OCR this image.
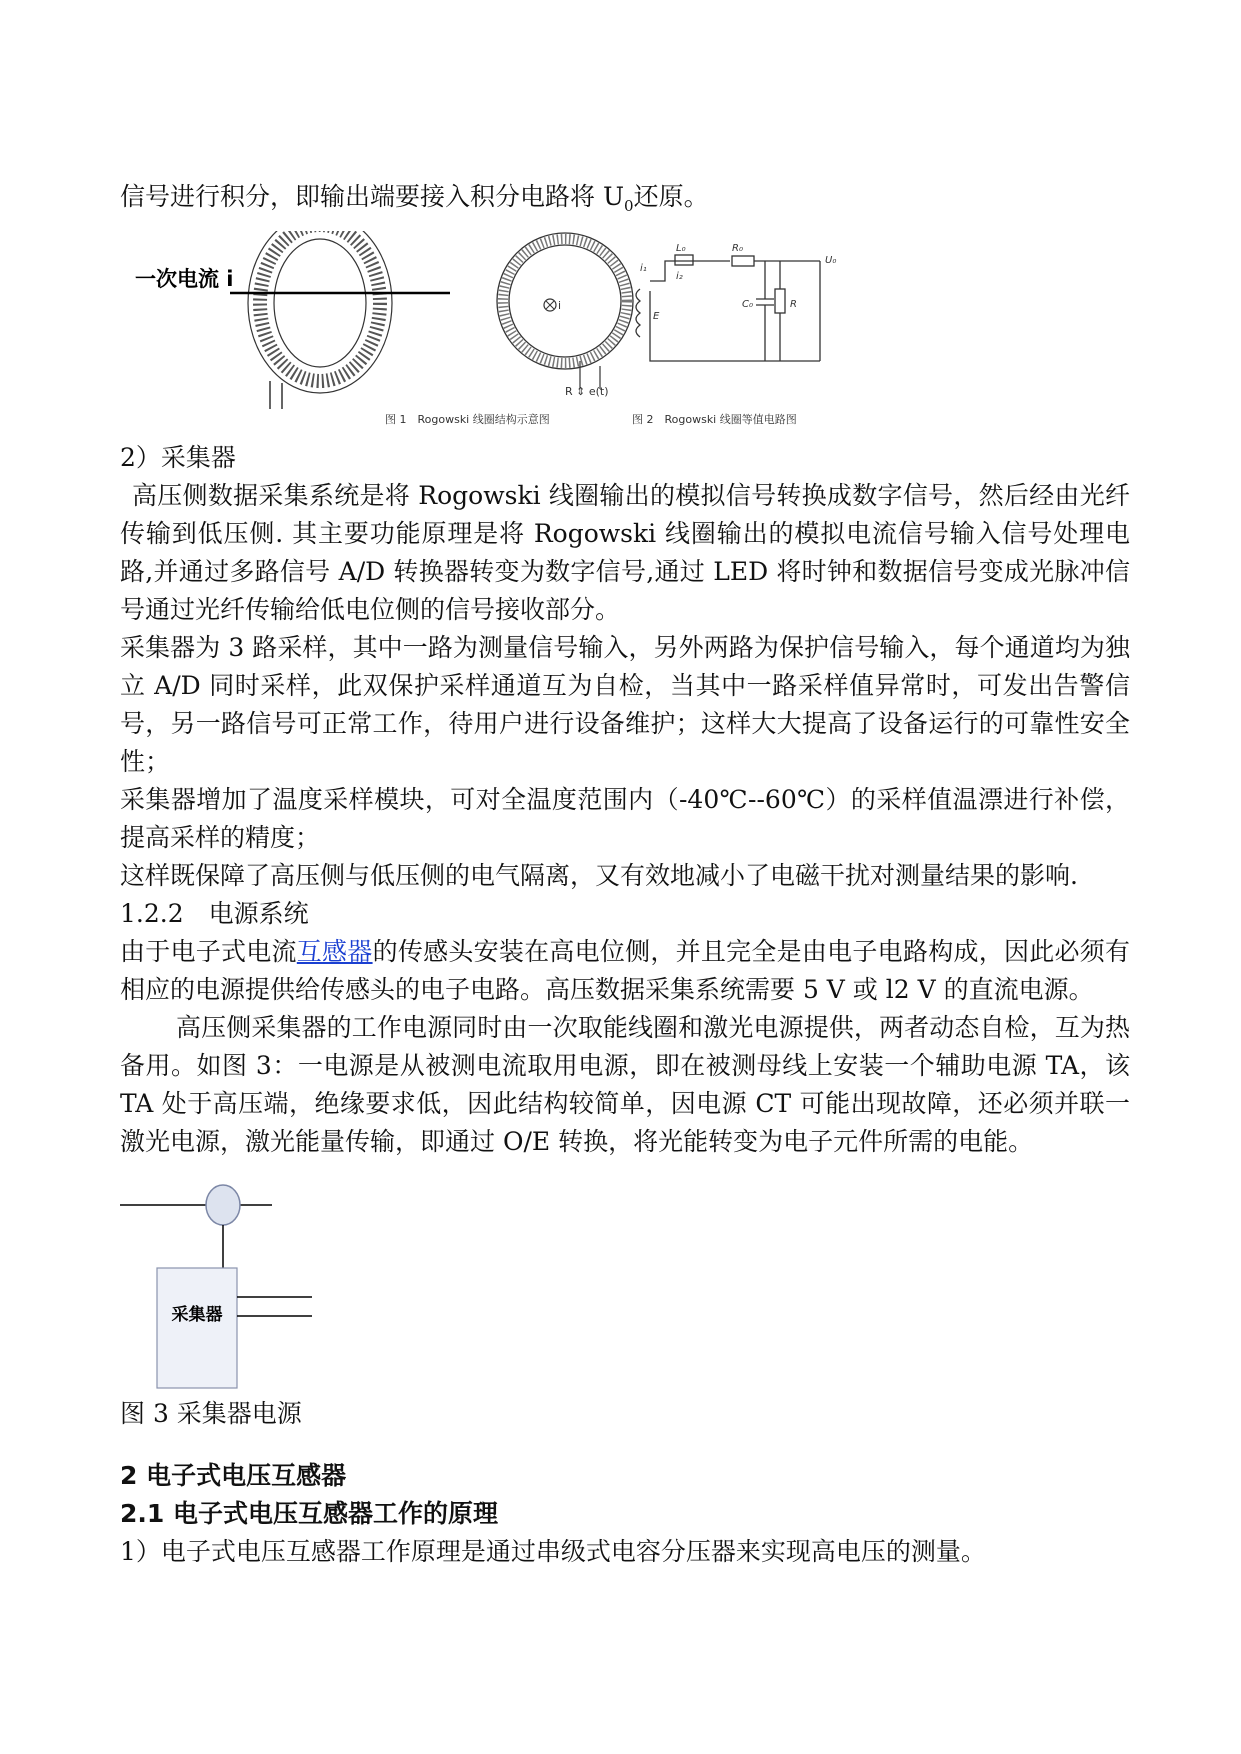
信号进行积分，即输出端要接入积分电路将 $U_0$还原。

一次电流 i
i
R ⇕ e(t)
图 1　Rogowski 线圈结构示意图
i₁
L₀
i₂
R₀
E
C₀	R
U₀
图 2　Rogowski 线圈等值电路图

2）采集器

高压侧数据采集系统是将 Rogowski 线圈输出的模拟信号转换成数字信号，然后经由光纤传输到低压侧. 其主要功能原理是将 Rogowski 线圈输出的模拟电流信号输入信号处理电路,并通过多路信号 A/D 转换器转变为数字信号,通过 LED 将时钟和数据信号变成光脉冲信号通过光纤传输给低电位侧的信号接收部分。

采集器为 3 路采样，其中一路为测量信号输入，另外两路为保护信号输入，每个通道均为独立 A/D 同时采样，此双保护采样通道互为自检，当其中一路采样值异常时，可发出告警信号，另一路信号可正常工作，待用户进行设备维护；这样大大提高了设备运行的可靠性安全性；

采集器增加了温度采样模块，可对全温度范围内（-40℃--60℃）的采样值温漂进行补偿，提高采样的精度；

这样既保障了高压侧与低压侧的电气隔离，又有效地减小了电磁干扰对测量结果的影响.

1.2.2　电源系统

由于电子式电流互感器的传感头安装在高电位侧，并且完全是由电子电路构成，因此必须有相应的电源提供给传感头的电子电路。高压数据采集系统需要 5 V 或 l2 V 的直流电源。

高压侧采集器的工作电源同时由一次取能线圈和激光电源提供，两者动态自检，互为热备用。如图 3：一电源是从被测电流取用电源，即在被测母线上安装一个辅助电源 TA，该 TA 处于高压端，绝缘要求低，因此结构较简单，因电源 CT 可能出现故障，还必须并联一激光电源，激光能量传输，即通过 O/E 转换，将光能转变为电子元件所需的电能。

采集器

图 3 采集器电源

2 电子式电压互感器

2.1 电子式电压互感器工作的原理

1）电子式电压互感器工作原理是通过串级式电容分压器来实现高电压的测量。
